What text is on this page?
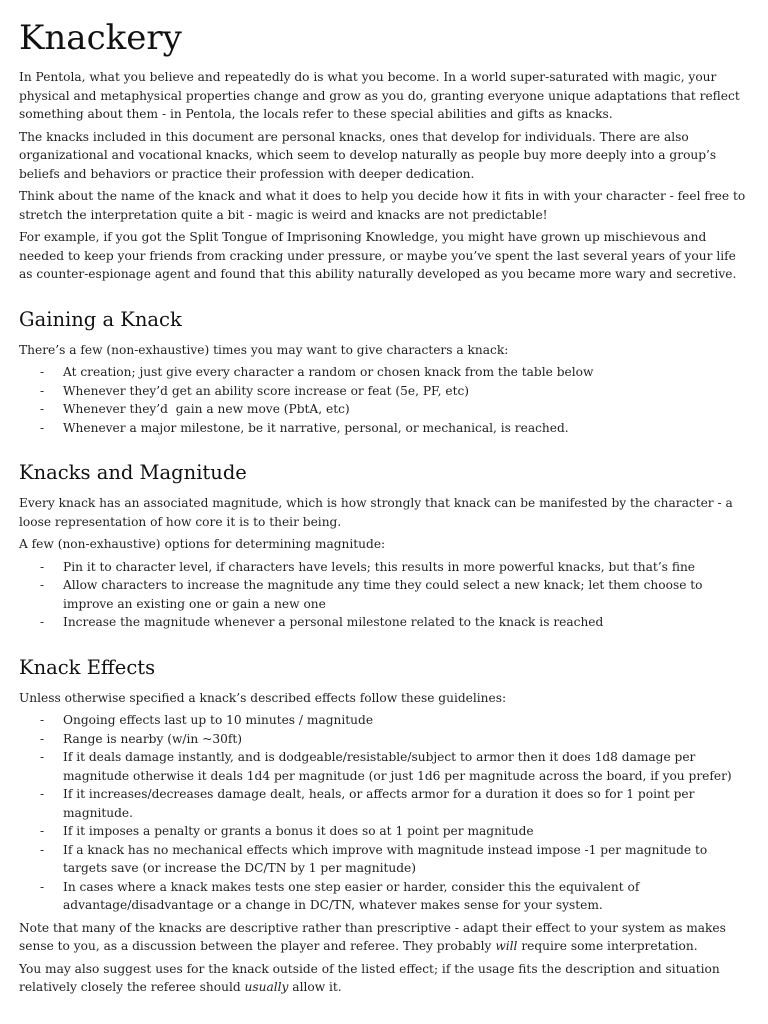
Knackery

In Pentola, what you believe and repeatedly do is what you become. In a world super-saturated with magic, your physical and metaphysical properties change and grow as you do, granting everyone unique adaptations that reflect something about them - in Pentola, the locals refer to these special abilities and gifts as knacks.

The knacks included in this document are personal knacks, ones that develop for individuals. There are also organizational and vocational knacks, which seem to develop naturally as people buy more deeply into a group’s beliefs and behaviors or practice their profession with deeper dedication.

Think about the name of the knack and what it does to help you decide how it fits in with your character - feel free to stretch the interpretation quite a bit - magic is weird and knacks are not predictable!

For example, if you got the Split Tongue of Imprisoning Knowledge, you might have grown up mischievous and needed to keep your friends from cracking under pressure, or maybe you’ve spent the last several years of your life as counter-espionage agent and found that this ability naturally developed as you became more wary and secretive.

Gaining a Knack

There’s a few (non-exhaustive) times you may want to give characters a knack:

- At creation; just give every character a random or chosen knack from the table below
- Whenever they’d get an ability score increase or feat (5e, PF, etc)
- Whenever they’d  gain a new move (PbtA, etc)
- Whenever a major milestone, be it narrative, personal, or mechanical, is reached.
Knacks and Magnitude

Every knack has an associated magnitude, which is how strongly that knack can be manifested by the character - a loose representation of how core it is to their being.

A few (non-exhaustive) options for determining magnitude:

- Pin it to character level, if characters have levels; this results in more powerful knacks, but that’s fine
- Allow characters to increase the magnitude any time they could select a new knack; let them choose to improve an existing one or gain a new one
- Increase the magnitude whenever a personal milestone related to the knack is reached
Knack Effects

Unless otherwise specified a knack’s described effects follow these guidelines:

- Ongoing effects last up to 10 minutes / magnitude
- Range is nearby (w/in ~30ft)
- If it deals damage instantly, and is dodgeable/resistable/subject to armor then it does 1d8 damage per magnitude otherwise it deals 1d4 per magnitude (or just 1d6 per magnitude across the board, if you prefer)
- If it increases/decreases damage dealt, heals, or affects armor for a duration it does so for 1 point per magnitude.
- If it imposes a penalty or grants a bonus it does so at 1 point per magnitude
- If a knack has no mechanical effects which improve with magnitude instead impose -1 per magnitude to targets save (or increase the DC/TN by 1 per magnitude)
- In cases where a knack makes tests one step easier or harder, consider this the equivalent of advantage/disadvantage or a change in DC/TN, whatever makes sense for your system.

Note that many of the knacks are descriptive rather than prescriptive - adapt their effect to your system as makes sense to you, as a discussion between the player and referee. They probably will require some interpretation.

You may also suggest uses for the knack outside of the listed effect; if the usage fits the description and situation relatively closely the referee should usually allow it.
